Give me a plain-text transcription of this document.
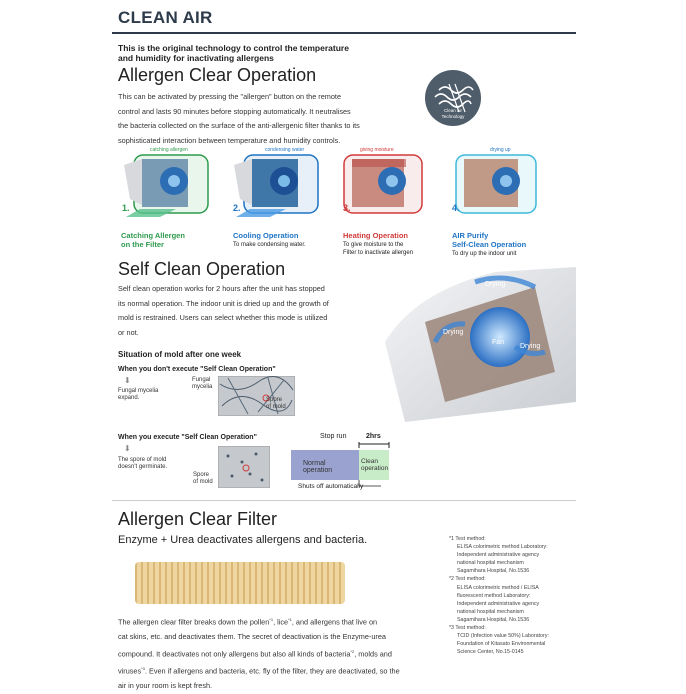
CLEAN AIR
This is the original technology to control the temperature
and humidity for inactivating allergens
Allergen Clear Operation
This can be activated by pressing the "allergen" button on the remote
control and lasts 90 minutes before stopping automatically. It neutralises
the bacteria collected on the surface of the anti-allergenic filter thanks to its
sophisticated interaction between temperature and humidity controls.
Clean air
Technology
catching allergen
1.
Catching Allergen
on the Filter
condensing water
2.
Cooling Operation
To make condensing water.
giving moisture
3.
Heating Operation
To give moisture to the
Filter to inactivate allergen
drying up
4.
AIR Purify
Self-Clean Operation
To dry up the indoor unit
Self Clean Operation
Self clean operation works for 2 hours after the unit has stopped
its normal operation. The indoor unit is dried up and the growth of
mold is restrained. Users can select whether this mode is utilized
or not.
Drying
Drying
Drying
Fan
Situation of mold after one week
When you don't execute "Self Clean Operation"
⬇
Fungal mycelia
expand.
Fungal
mycelia
Spore
of mold
When you execute "Self Clean Operation"
⬇
The spore of mold
doesn't germinate.
Spore
of mold
Stop run	2hrs
Normal
operation
Clean
operation
Shuts off automatically
Allergen Clear Filter
Enzyme + Urea deactivates allergens and bacteria.
The allergen clear filter breaks down the pollen$^{*1}$, lice$^{*1}$, and allergens that live on
cat skins, etc. and deactivates them. The secret of deactivation is the Enzyme-urea
compound. It deactivates not only allergens but also all kinds of bacteria$^{*2}$, molds and
viruses$^{*3}$. Even if allergens and bacteria, etc. fly of the filter, they are deactivated, so the
air in your room is kept fresh.
*1 Test method:
ELISA colorimetric method Laboratory:
Independent administrative agency
national hospital mechanism
Sagamihara Hospital, No.1536
*2 Test method:
ELISA colorimetric method / ELISA
fluorescent method Laboratory:
Independent administrative agency
national hospital mechanism
Sagamihara Hospital, No.1536
*3 Test method:
TCID (Infection value 50%) Laboratory:
Foundation of Kitasato Environmental
Science Center, No.15-0145
